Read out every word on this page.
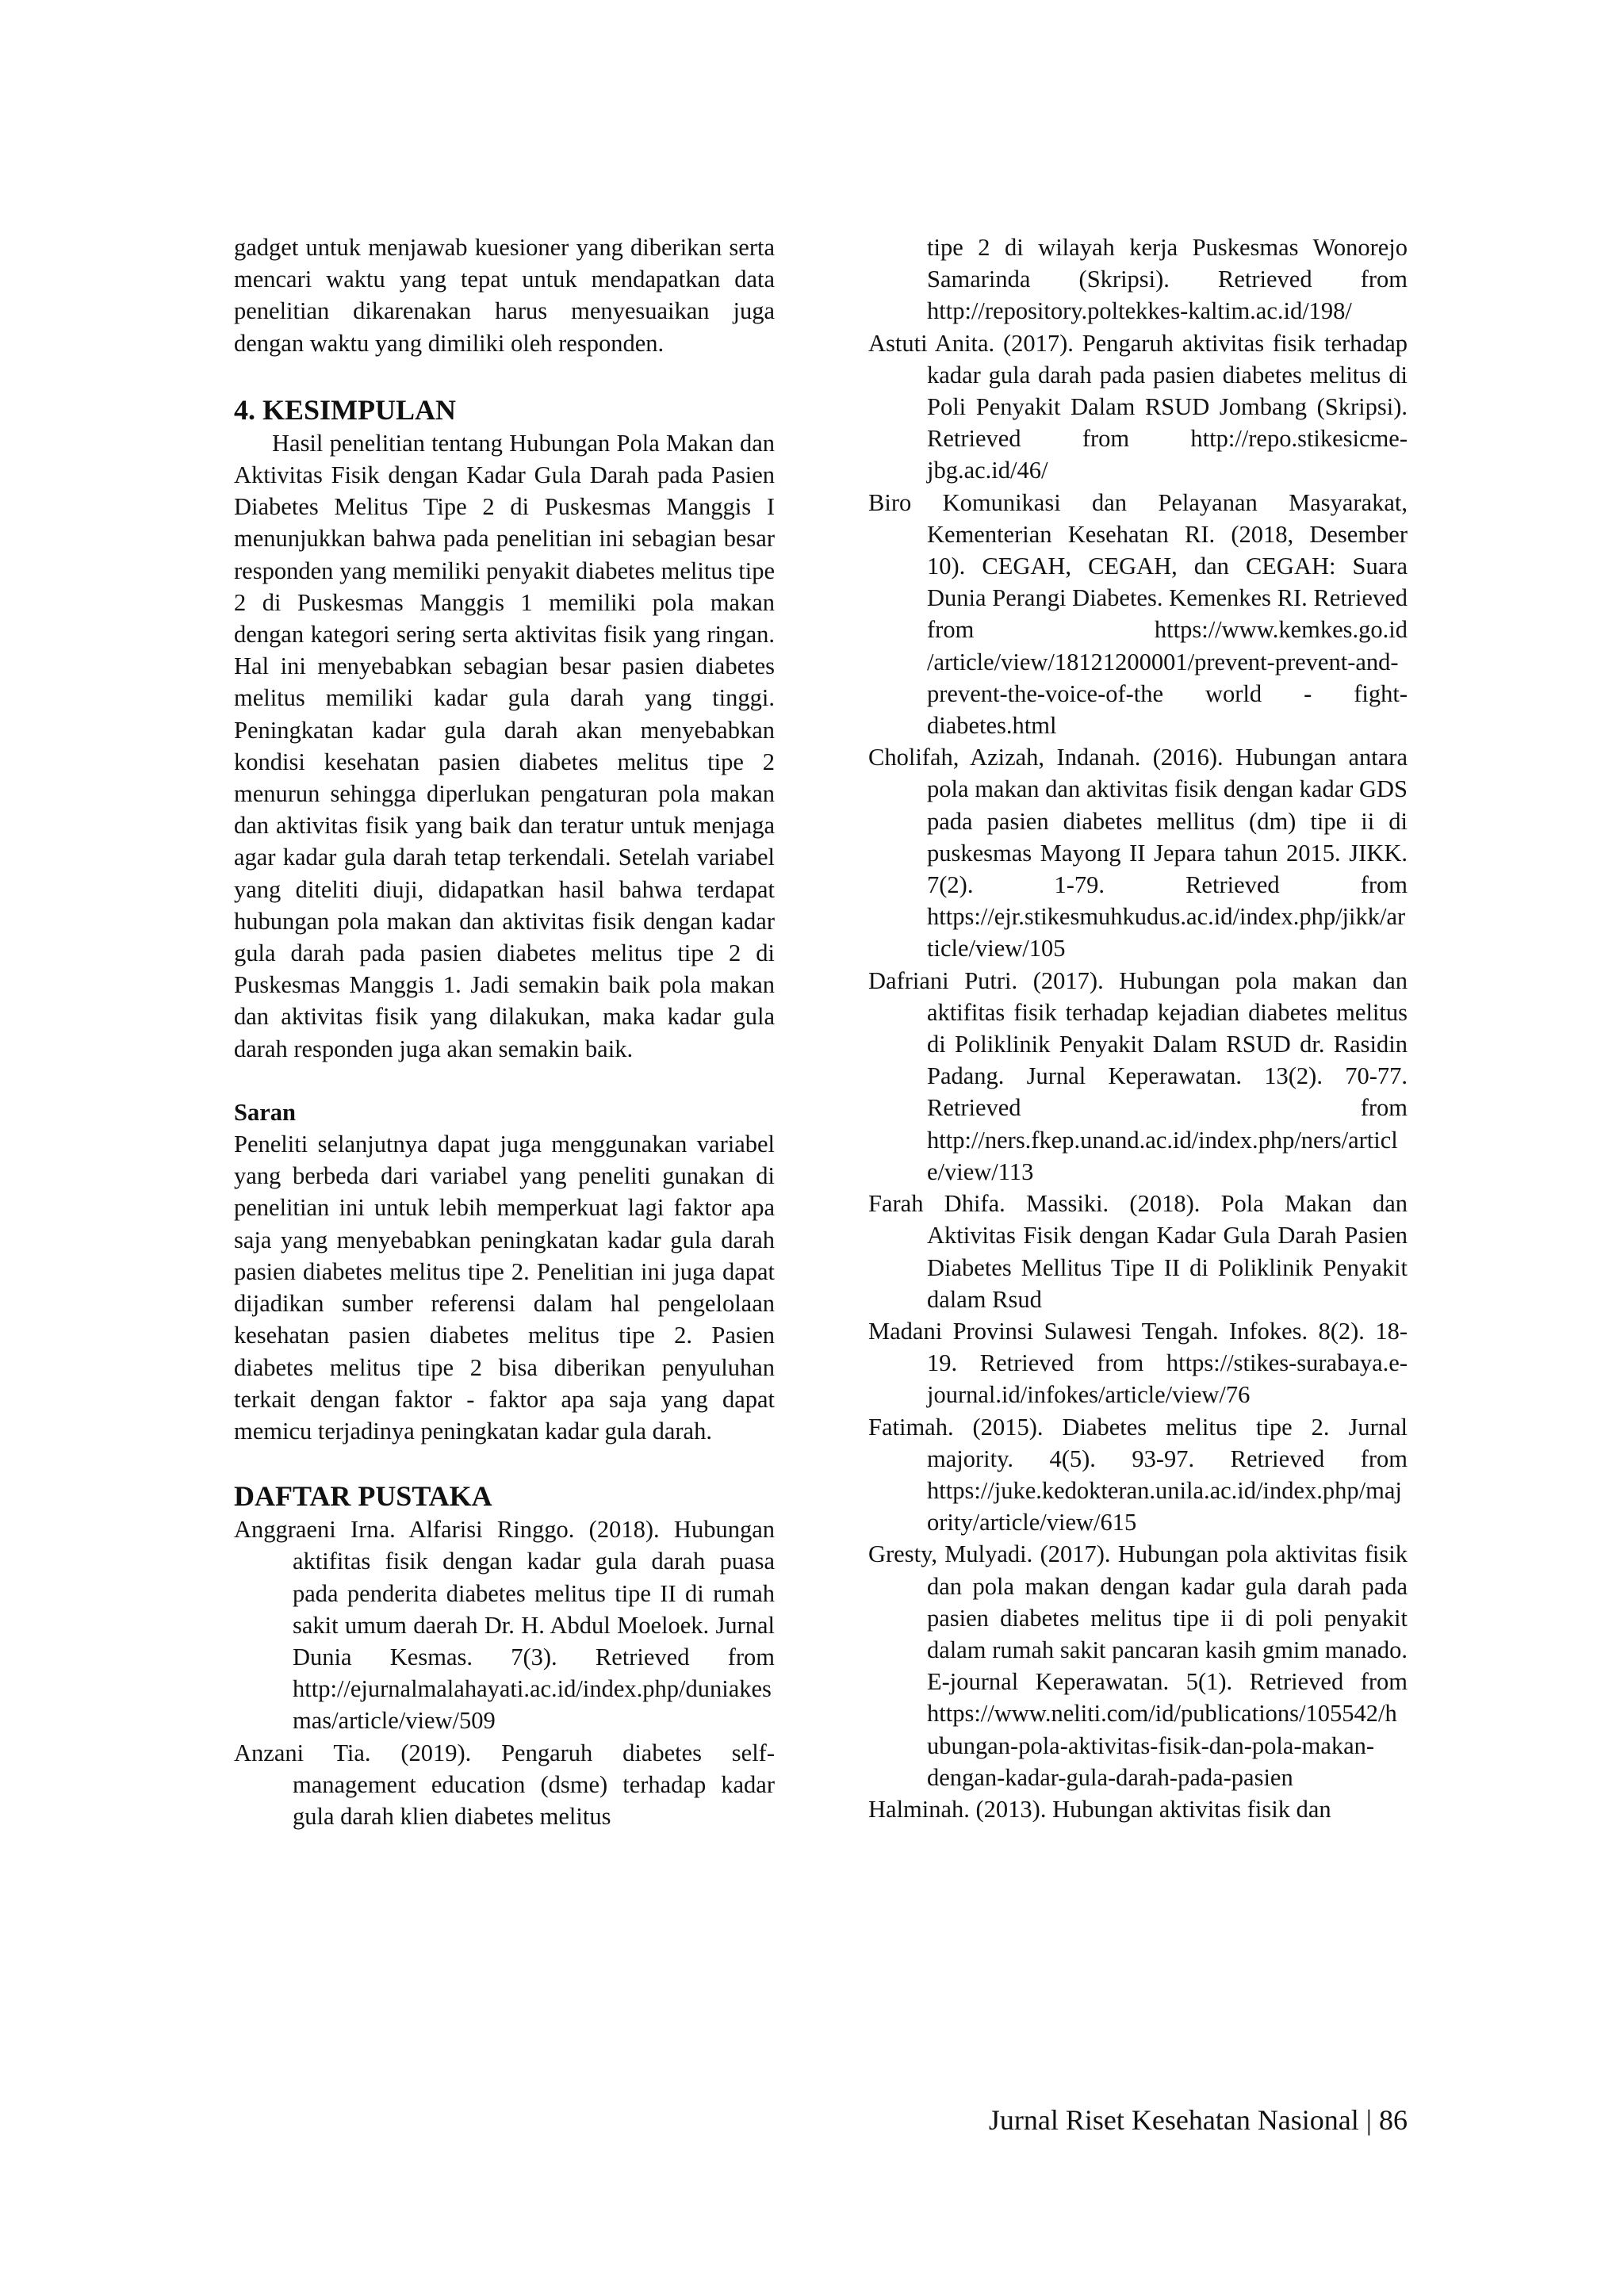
gadget untuk menjawab kuesioner yang diberikan serta mencari waktu yang tepat untuk mendapatkan data penelitian dikarenakan harus menyesuaikan juga dengan waktu yang dimiliki oleh responden.

4. KESIMPULAN

Hasil penelitian tentang Hubungan Pola Makan dan Aktivitas Fisik dengan Kadar Gula Darah pada Pasien Diabetes Melitus Tipe 2 di Puskesmas Manggis I menunjukkan bahwa pada penelitian ini sebagian besar responden yang memiliki penyakit diabetes melitus tipe 2 di Puskesmas Manggis 1 memiliki pola makan dengan kategori sering serta aktivitas fisik yang ringan. Hal ini menyebabkan sebagian besar pasien diabetes melitus memiliki kadar gula darah yang tinggi. Peningkatan kadar gula darah akan menyebabkan kondisi kesehatan pasien diabetes melitus tipe 2 menurun sehingga diperlukan pengaturan pola makan dan aktivitas fisik yang baik dan teratur untuk menjaga agar kadar gula darah tetap terkendali. Setelah variabel yang diteliti diuji, didapatkan hasil bahwa terdapat hubungan pola makan dan aktivitas fisik dengan kadar gula darah pada pasien diabetes melitus tipe 2 di Puskesmas Manggis 1. Jadi semakin baik pola makan dan aktivitas fisik yang dilakukan, maka kadar gula darah responden juga akan semakin baik.

Saran

Peneliti selanjutnya dapat juga menggunakan variabel yang berbeda dari variabel yang peneliti gunakan di penelitian ini untuk lebih memperkuat lagi faktor apa saja yang menyebabkan peningkatan kadar gula darah pasien diabetes melitus tipe 2. Penelitian ini juga dapat dijadikan sumber referensi dalam hal pengelolaan kesehatan pasien diabetes melitus tipe 2. Pasien diabetes melitus tipe 2 bisa diberikan penyuluhan terkait dengan faktor - faktor apa saja yang dapat memicu terjadinya peningkatan kadar gula darah.

DAFTAR PUSTAKA

Anggraeni Irna. Alfarisi Ringgo. (2018). Hubungan aktifitas fisik dengan kadar gula darah puasa pada penderita diabetes melitus tipe II di rumah sakit umum daerah Dr. H. Abdul Moeloek. Jurnal Dunia Kesmas. 7(3). Retrieved from http://ejurnalmalahayati.ac.id/index.php/duniakesmas/article/view/509

Anzani Tia. (2019). Pengaruh diabetes self-management education (dsme) terhadap kadar gula darah klien diabetes melitus

tipe 2 di wilayah kerja Puskesmas Wonorejo Samarinda (Skripsi). Retrieved from http://repository.poltekkes-kaltim.ac.id/198/

Astuti Anita. (2017). Pengaruh aktivitas fisik terhadap kadar gula darah pada pasien diabetes melitus di Poli Penyakit Dalam RSUD Jombang (Skripsi). Retrieved from http://repo.stikesicme-jbg.ac.id/46/

Biro Komunikasi dan Pelayanan Masyarakat, Kementerian Kesehatan RI. (2018, Desember 10). CEGAH, CEGAH, dan CEGAH: Suara Dunia Perangi Diabetes. Kemenkes RI. Retrieved from https://www.kemkes.go.id /article/view/18121200001/prevent-prevent-and-prevent-the-voice-of-the world - fight-diabetes.html

Cholifah, Azizah, Indanah. (2016). Hubungan antara pola makan dan aktivitas fisik dengan kadar GDS pada pasien diabetes mellitus (dm) tipe ii di puskesmas Mayong II Jepara tahun 2015. JIKK. 7(2). 1-79. Retrieved from https://ejr.stikesmuhkudus.ac.id/index.php/jikk/article/view/105

Dafriani Putri. (2017). Hubungan pola makan dan aktifitas fisik terhadap kejadian diabetes melitus di Poliklinik Penyakit Dalam RSUD dr. Rasidin Padang. Jurnal Keperawatan. 13(2). 70-77. Retrieved from http://ners.fkep.unand.ac.id/index.php/ners/article/view/113

Farah Dhifa. Massiki. (2018). Pola Makan dan Aktivitas Fisik dengan Kadar Gula Darah Pasien Diabetes Mellitus Tipe II di Poliklinik Penyakit dalam Rsud

Madani Provinsi Sulawesi Tengah. Infokes. 8(2). 18-19. Retrieved from https://stikes-surabaya.e-journal.id/infokes/article/view/76

Fatimah. (2015). Diabetes melitus tipe 2. Jurnal majority. 4(5). 93-97. Retrieved from https://juke.kedokteran.unila.ac.id/index.php/majority/article/view/615

Gresty, Mulyadi. (2017). Hubungan pola aktivitas fisik dan pola makan dengan kadar gula darah pada pasien diabetes melitus tipe ii di poli penyakit dalam rumah sakit pancaran kasih gmim manado. E-journal Keperawatan. 5(1). Retrieved from https://www.neliti.com/id/publications/105542/hubungan-pola-aktivitas-fisik-dan-pola-makan-dengan-kadar-gula-darah-pada-pasien

Halminah. (2013). Hubungan aktivitas fisik dan

Jurnal Riset Kesehatan Nasional | 86
